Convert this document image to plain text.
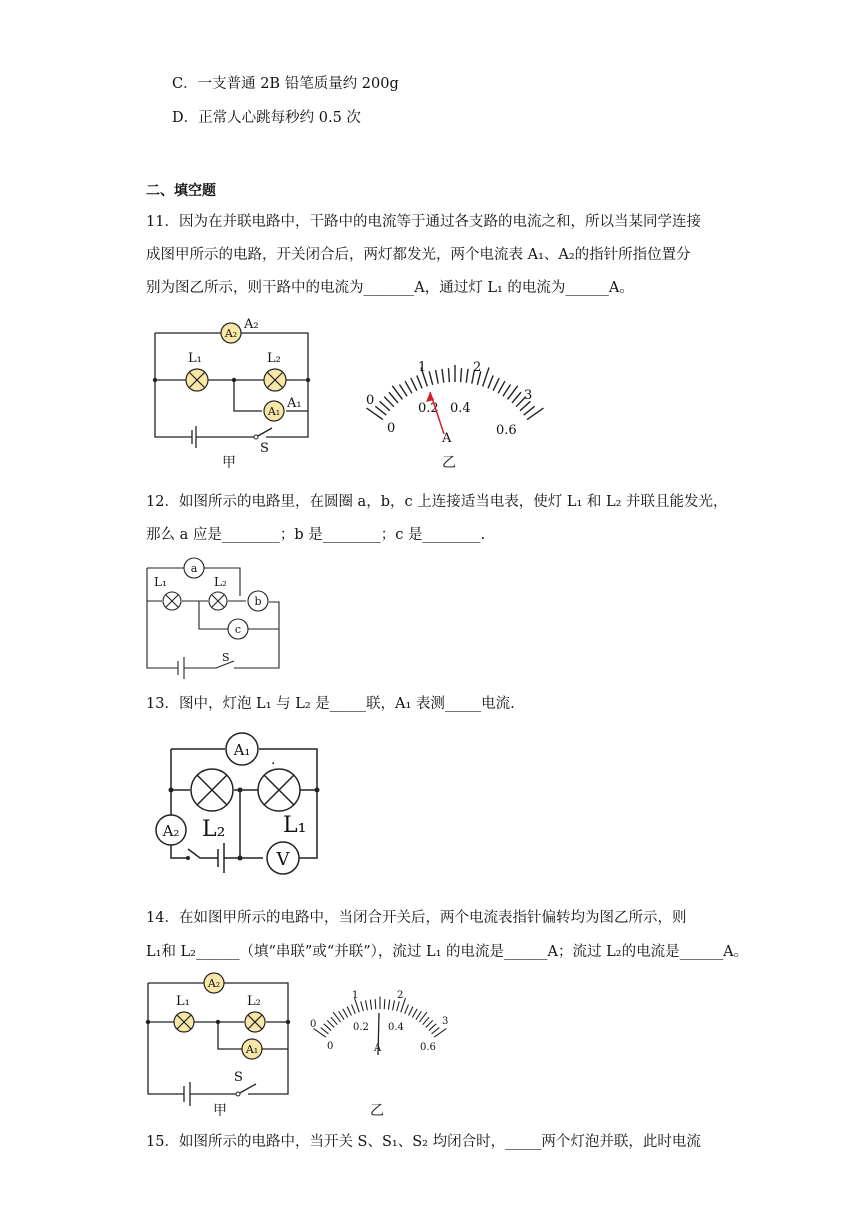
C．一支普通 2B 铅笔质量约 200g
D．正常人心跳每秒约 0.5 次
二、填空题
11．因为在并联电路中，干路中的电流等于通过各支路的电流之和，所以当某同学连接
成图甲所示的电路，开关闭合后，两灯都发光，两个电流表 A₁、A₂的指针所指位置分
别为图乙所示，则干路中的电流为_______A，通过灯 L₁ 的电流为______A。
A₂
A₂
L₁	L₂
A₁
A₁
S
甲
0
1	2
3
0
0.2 0.4
0.6
A
乙
12．如图所示的电路里，在圆圈 a，b，c 上连接适当电表，使灯 L₁ 和 L₂ 并联且能发光，
那么 a 应是________；b 是________；c 是________.
a
L₁	L₂
b
c
S
13．图中，灯泡 L₁ 与 L₂ 是_____联，A₁ 表测_____电流.
A₁
L₂	L₁
.
A₂
V
14．在如图甲所示的电路中，当闭合开关后，两个电流表指针偏转均为图乙所示，则
L₁和 L₂______（填“串联”或“并联”），流过 L₁ 的电流是______A；流过 L₂的电流是______A。
A₂
L₁	L₂
A₁
S
甲
0
1	2
3
0
0.2 0.4
0.6
A
乙
15．如图所示的电路中，当开关 S、S₁、S₂ 均闭合时，_____两个灯泡并联，此时电流
